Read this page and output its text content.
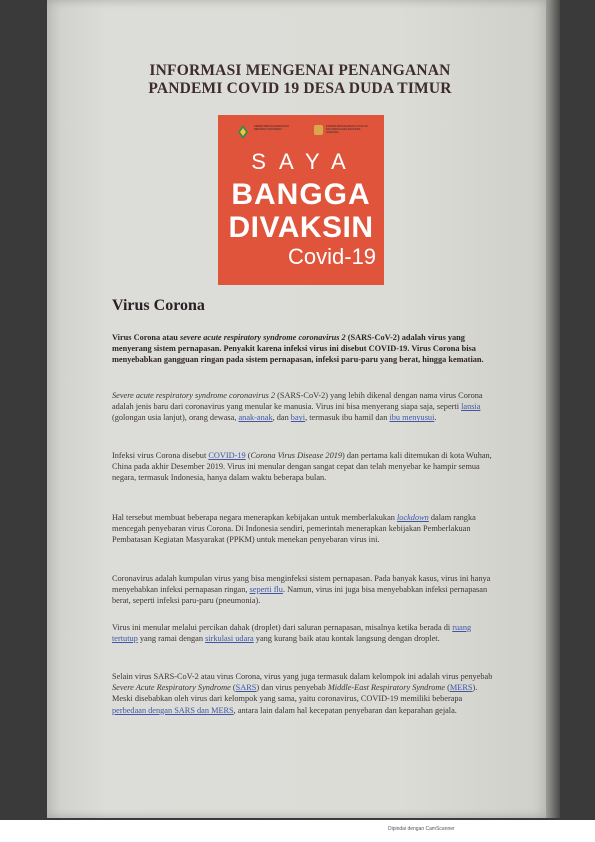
INFORMASI MENGENAI PENANGANAN
PANDEMI COVID 19 DESA DUDA TIMUR
KEMENTERIAN KESEHATAN REPUBLIK INDONESIA
KOMITE PENANGANAN COVID-19 DAN PEMULIHAN EKONOMI NASIONAL
SAYA
BANGGA
DIVAKSIN
Covid-19
Virus Corona
Virus Corona atau severe acute respiratory syndrome coronavirus 2 (SARS-CoV-2) adalah virus yang menyerang sistem pernapasan. Penyakit karena infeksi virus ini disebut COVID-19. Virus Corona bisa menyebabkan gangguan ringan pada sistem pernapasan, infeksi paru-paru yang berat, hingga kematian.
Severe acute respiratory syndrome coronavirus 2 (SARS-CoV-2) yang lebih dikenal dengan nama virus Corona adalah jenis baru dari coronavirus yang menular ke manusia. Virus ini bisa menyerang siapa saja, seperti lansia (golongan usia lanjut), orang dewasa, anak-anak, dan bayi, termasuk ibu hamil dan ibu menyusui.
Infeksi virus Corona disebut COVID-19 (Corona Virus Disease 2019) dan pertama kali ditemukan di kota Wuhan, China pada akhir Desember 2019. Virus ini menular dengan sangat cepat dan telah menyebar ke hampir semua negara, termasuk Indonesia, hanya dalam waktu beberapa bulan.
Hal tersebut membuat beberapa negara menerapkan kebijakan untuk memberlakukan lockdown dalam rangka mencegah penyebaran virus Corona. Di Indonesia sendiri, pemerintah menerapkan kebijakan Pemberlakuan Pembatasan Kegiatan Masyarakat (PPKM) untuk menekan penyebaran virus ini.
Coronavirus adalah kumpulan virus yang bisa menginfeksi sistem pernapasan. Pada banyak kasus, virus ini hanya menyebabkan infeksi pernapasan ringan, seperti flu. Namun, virus ini juga bisa menyebabkan infeksi pernapasan berat, seperti infeksi paru-paru (pneumonia).
Virus ini menular melalui percikan dahak (droplet) dari saluran pernapasan, misalnya ketika berada di ruang tertutup yang ramai dengan sirkulasi udara yang kurang baik atau kontak langsung dengan droplet.
Selain virus SARS-CoV-2 atau virus Corona, virus yang juga termasuk dalam kelompok ini adalah virus penyebab Severe Acute Respiratory Syndrome (SARS) dan virus penyebab Middle-East Respiratory Syndrome (MERS). Meski disebabkan oleh virus dari kelompok yang sama, yaitu coronavirus, COVID-19 memiliki beberapa perbedaan dengan SARS dan MERS, antara lain dalam hal kecepatan penyebaran dan keparahan gejala.
Dipindai dengan CamScanner
